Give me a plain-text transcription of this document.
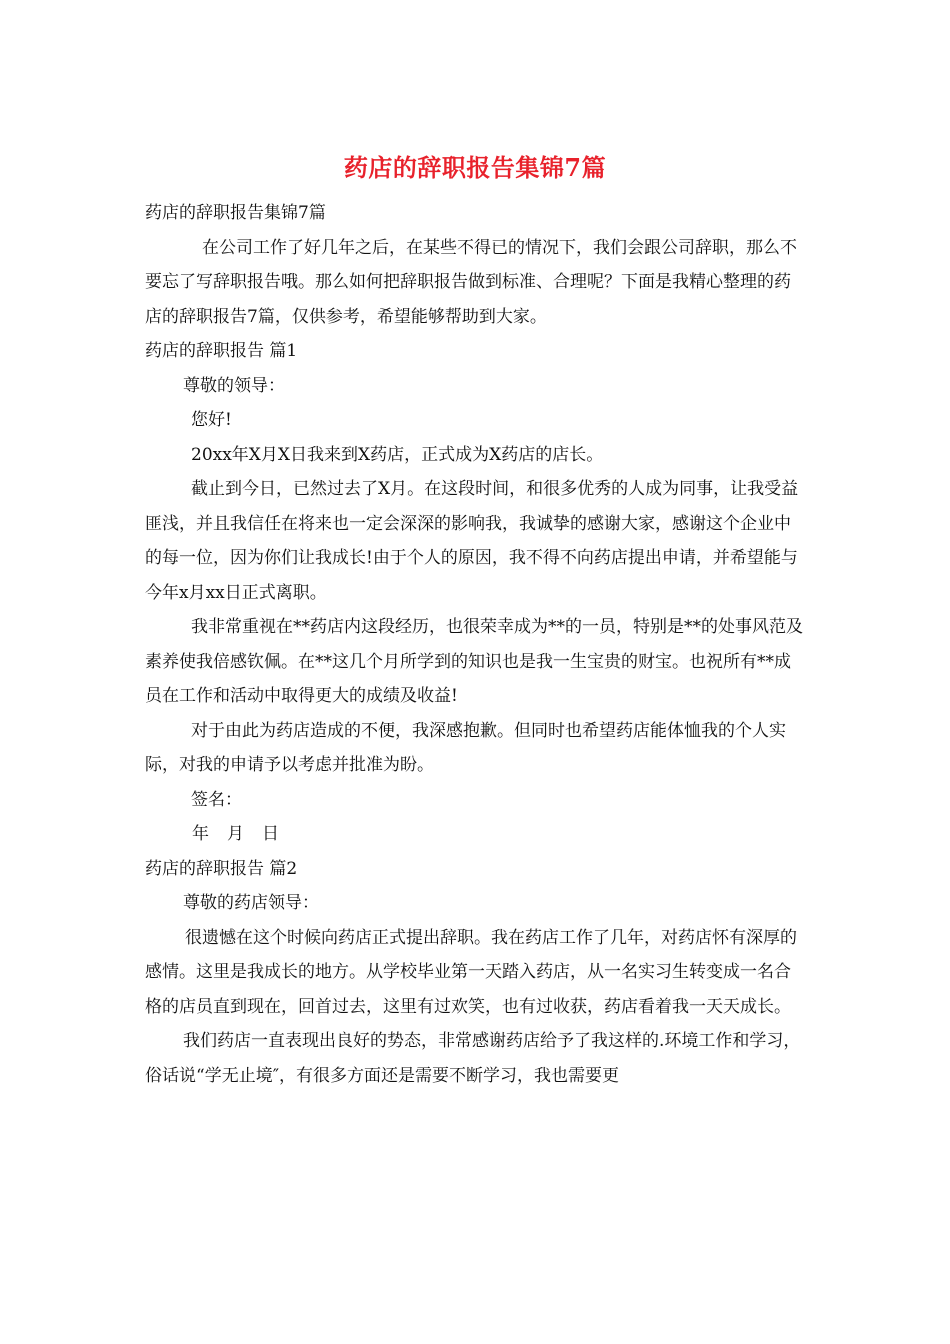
药店的辞职报告集锦7篇

药店的辞职报告集锦7篇

在公司工作了好几年之后，在某些不得已的情况下，我们会跟公司辞职，那么不要忘了写辞职报告哦。那么如何把辞职报告做到标准、合理呢？下面是我精心整理的药店的辞职报告7篇，仅供参考，希望能够帮助到大家。

药店的辞职报告 篇1

尊敬的领导：

您好!

20xx年X月X日我来到X药店，正式成为X药店的店长。

截止到今日，已然过去了X月。在这段时间，和很多优秀的人成为同事，让我受益匪浅，并且我信任在将来也一定会深深的影响我，我诚挚的感谢大家，感谢这个企业中的每一位，因为你们让我成长!由于个人的原因，我不得不向药店提出申请，并希望能与今年x月xx日正式离职。

我非常重视在**药店内这段经历，也很荣幸成为**的一员，特别是**的处事风范及素养使我倍感钦佩。在**这几个月所学到的知识也是我一生宝贵的财宝。也祝所有**成员在工作和活动中取得更大的成绩及收益!

对于由此为药店造成的不便，我深感抱歉。但同时也希望药店能体恤我的个人实际，对我的申请予以考虑并批准为盼。

签名：

年 月 日

药店的辞职报告 篇2

尊敬的药店领导：

很遗憾在这个时候向药店正式提出辞职。我在药店工作了几年，对药店怀有深厚的感情。这里是我成长的地方。从学校毕业第一天踏入药店，从一名实习生转变成一名合格的店员直到现在，回首过去，这里有过欢笑，也有过收获，药店看着我一天天成长。

我们药店一直表现出良好的势态，非常感谢药店给予了我这样的.环境工作和学习，俗话说“学无止境″，有很多方面还是需要不断学习，我也需要更
